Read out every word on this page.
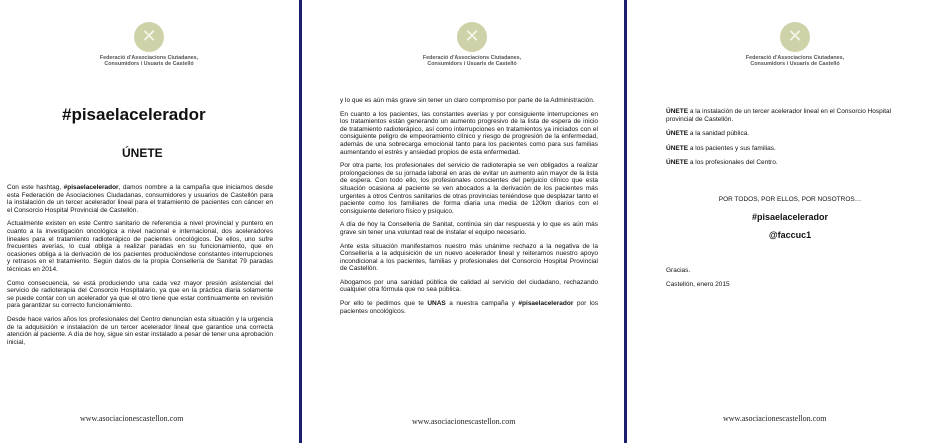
✕
Federació d'Associacions Ciutadanes, Consumidors i Usuaris de Castelló
#pisaelacelerador
ÚNETE

Con este hashtag, #pisaelacelerador, damos nombre a la campaña que iniciamos desde esta Federación de Asociaciones Ciudadanas, consumidores y usuarios de Castellón para la instalación de un tercer acelerador lineal para el tratamiento de pacientes con cáncer en el Consorcio Hospital Provincial de Castellón.

Actualmente existen en este Centro sanitario de referencia a nivel provincial y puntero en cuanto a la investigación oncológica a nivel nacional e internacional, dos aceleradores lineales para el tratamiento radioterápico de pacientes oncológicos. De ellos, uno sufre frecuentes averías, lo cual obliga a realizar paradas en su funcionamiento, que en ocasiones obliga a la derivación de los pacientes produciéndose constantes interrupciones y retrasos en el tratamiento. Según datos de la propia Consellería de Sanitat 79 paradas técnicas en 2014.

Como consecuencia, se está produciendo una cada vez mayor presión asistencial del servicio de radioterapia del Consorcio Hospitalario, ya que en la práctica diaria solamente se puede contar con un acelerador ya que el otro tiene que estar continuamente en revisión para garantizar su correcto funcionamiento.

Desde hace varios años los profesionales del Centro denuncian esta situación y la urgencia de la adquisición e instalación de un tercer acelerador lineal que garantice una correcta atención al paciente. A día de hoy, sigue sin estar instalado a pesar de tener una aprobación inicial,

www.asociacionescastellon.com
✕
Federació d'Associacions Ciutadanes, Consumidors i Usuaris de Castelló

y lo que es aún más grave sin tener un claro compromiso por parte de la Administración.

En cuanto a los pacientes, las constantes averías y por consiguiente interrupciones en los tratamientos están generando un aumento progresivo de la lista de espera de inicio de tratamiento radioterápico, así como interrupciones en tratamientos ya iniciados con el consiguiente peligro de empeoramiento clínico y riesgo de progresión de la enfermedad, además de una sobrecarga emocional tanto para los pacientes como para sus familias aumentando el estrés y ansiedad propios de esta enfermedad.

Por otra parte, los profesionales del servicio de radioterapia se ven obligados a realizar prolongaciones de su jornada laboral en aras de evitar un aumento aún mayor de la lista de espera. Con todo ello, los profesionales conscientes del perjuicio clínico que esta situación ocasiona al paciente se ven abocados a la derivación de los pacientes más urgentes a otros Centros sanitarios de otras provincias teniéndose que desplazar tanto el paciente como los familiares de forma diaria una media de 120km diarios con el consiguiente deterioro físico y psíquico.

A día de hoy la Consellería de Sanitat, continúa sin dar respuesta y lo que es aún más grave sin tener una voluntad real de instalar el equipo necesario.

Ante esta situación manifestamos nuestro más unánime rechazo a la negativa de la Consellería a la adquisición de un nuevo acelerador lineal y reiteramos nuestro apoyo incondicional a los pacientes, familias y profesionales del Consorcio Hospital Provincial de Castellón.

Abogamos por una sanidad pública de calidad al servicio del ciudadano, rechazando cualquier otra fórmula que no sea pública.

Por ello te pedimos que te UNAS a nuestra campaña y #pisaelacelerador por los pacientes oncológicos.

www.asociacionescastellon.com
✕
Federació d'Associacions Ciutadanes, Consumidors i Usuaris de Castelló
ÚNETE a la instalación de un tercer acelerador lineal en el Consorcio Hospital provincial de Castellón.
ÚNETE a la sanidad pública.
ÚNETE a los pacientes y sus familias.
ÚNETE a los profesionales del Centro.
POR TODOS, POR ELLOS, POR NOSOTROS…
#pisaelacelerador
@faccuc1
Gracias.
Castellón, enero 2015
www.asociacionescastellon.com
